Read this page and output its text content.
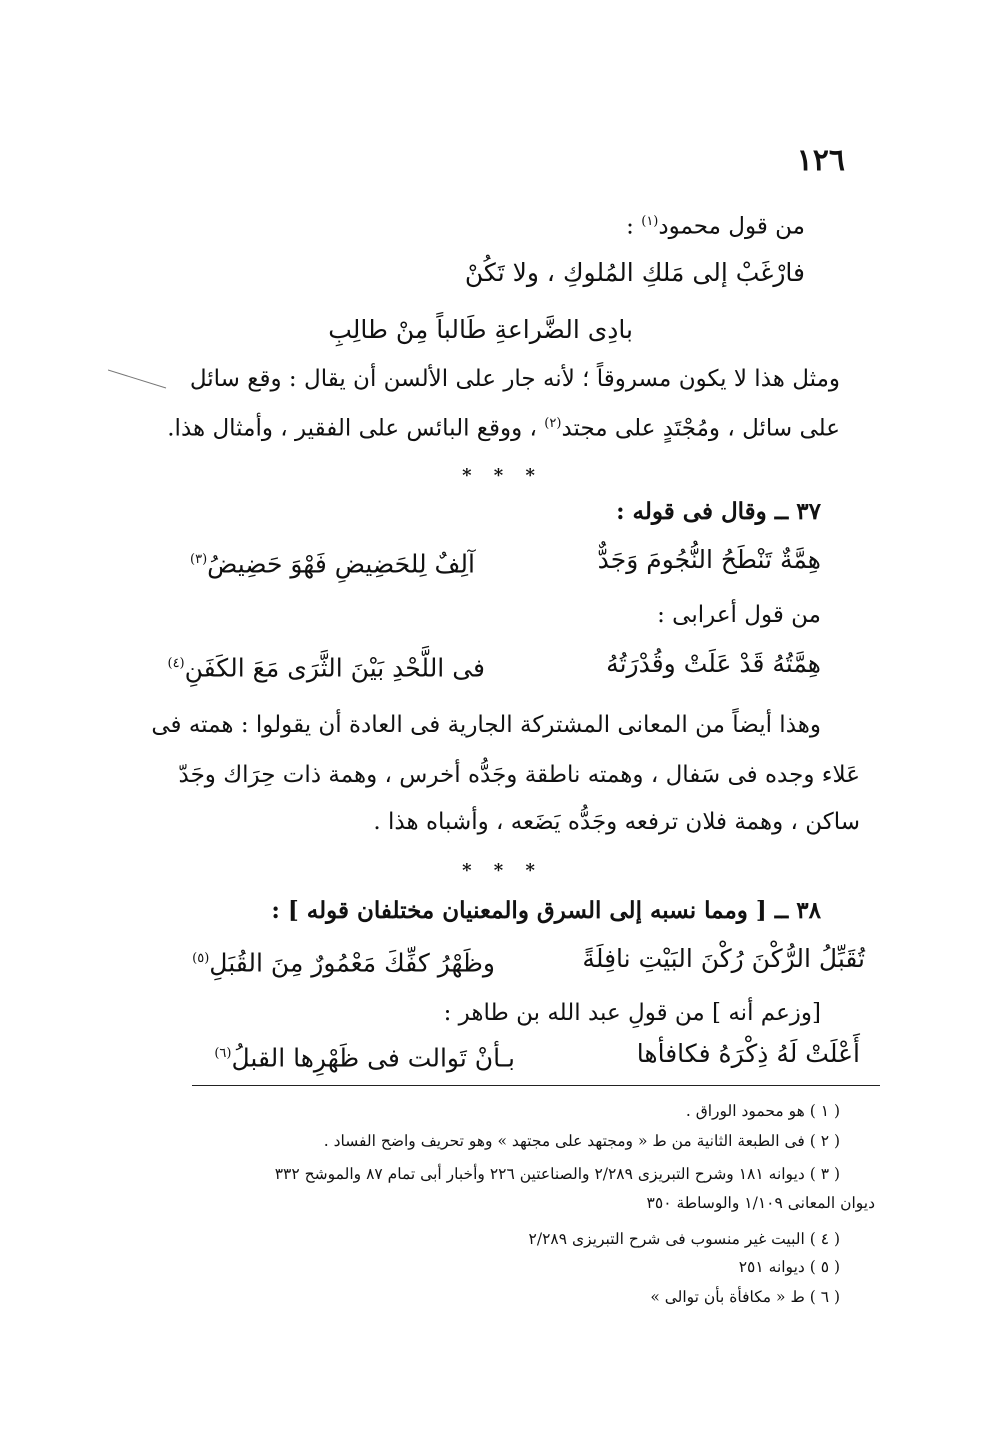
١٢٦
من قول محمود$^{(١)}$ :
فارْغَبْ إلى مَلكِ المُلوكِ ، ولا تَكُنْ
بادِى الضَّراعةِ طَالباً مِنْ طالِبِ
ومثل هذا لا يكون مسروقاً ؛ لأنه جار على الألسن أن يقال : وقع سائل
على سائل ، ومُجْتَدٍ على مجتد$^{(٢)}$ ، ووقع البائس على الفقير ، وأمثال هذا.
* * *
٣٧ ــ وقال فى قوله :
هِمَّةٌ تَنْطَحُ النُّجُومَ وَجَدٌّ
آلِفٌ لِلحَضِيضِ فَهْوَ حَضِيضُ$^{(٣)}$
من قول أعرابى :
هِمَّتُهُ قَدْ عَلَتْ وقُدْرَتُهُ
فى اللَّحْدِ بَيْنَ الثَّرَى مَعَ الكَفَنِ$^{(٤)}$
وهذا أيضاً من المعانى المشتركة الجارية فى العادة أن يقولوا : همته فى
عَلاء وجده فى سَفال ، وهمته ناطقة وجَدُّه أخرس ، وهمة ذات حِرَاك وجَدّ
ساكن ، وهمة فلان ترفعه وجَدُّه يَضَعه ، وأشباه هذا .
* * *
٣٨ ــ [ ومما نسبه إلى السرق والمعنيان مختلفان قوله ] :
تُقَبِّلُ الرُّكْنَ رُكْنَ البَيْتِ نافِلَةً
وظَهْرُ كفِّكَ مَعْمُورٌ مِنَ القُبَلِ$^{(٥)}$
[وزعم أنه ] من قولِ عبد الله بن طاهر :
أَعْلَتْ لَهُ ذِكْرَهُ فكافأها
بـأنْ تَوالت فى ظَهْرِها القبلُ$^{(٦)}$
( ١ ) هو محمود الوراق .
( ٢ ) فى الطبعة الثانية من ط « ومجتهد على مجتهد » وهو تحريف واضح الفساد .
( ٣ ) ديوانه ١٨١ وشرح التبريزى ٢/٢٨٩ والصناعتين ٢٢٦ وأخبار أبى تمام ٨٧ والموشح ٣٣٢
ديوان المعانى ١/١٠٩ والوساطة ٣٥٠
( ٤ ) البيت غير منسوب فى شرح التبريزى ٢/٢٨٩
( ٥ ) ديوانه ٢٥١
( ٦ ) ط « مكافأة بأن توالى »
